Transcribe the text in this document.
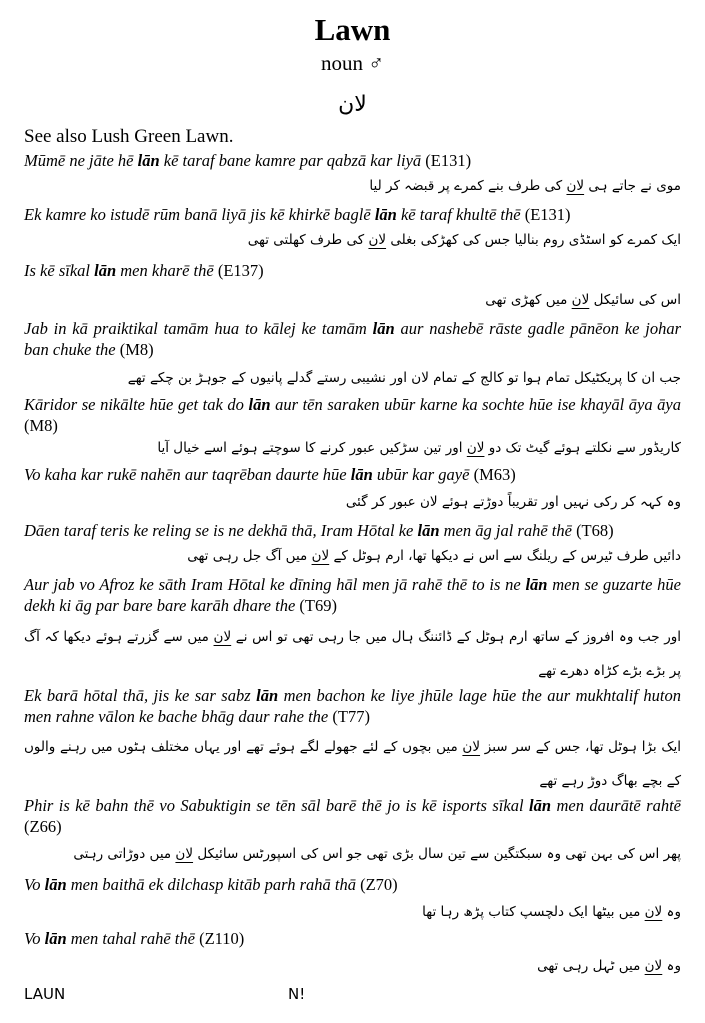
Lawn
noun ♂
لان
See also Lush Green Lawn.
Mūmē ne jāte hē lān kē taraf bane kamre par qabzā kar liyā (E131)
موی نے جاتے ہی لان کی طرف بنے کمرے پر قبضہ کر لیا
Ek kamre ko istudē rūm banā liyā jis kē khirkē baglē lān kē taraf khultē thē (E131)
ایک کمرے کو اسٹڈی روم بنالیا جس کی کھڑکی بغلی لان کی طرف کھلتی تھی
Is kē sīkal lān men kharē thē (E137)
اس کی سائیکل لان میں کھڑی تھی
Jab in kā praiktikal tamām hua to kālej ke tamām lān aur nashebē rāste gadle pānēon ke johar ban chuke the (M8)
جب ان کا پریکٹیکل تمام ہوا تو کالج کے تمام لان اور نشیبی رستے گدلے پانیوں کے جوہڑ بن چکے تھے
Kāridor se nikālte hūe get tak do lān aur tēn saraken ubūr karne ka sochte hūe ise khayāl āya āya (M8)
کاریڈور سے نکلتے ہوئے گیٹ تک دو لان اور تین سڑکیں عبور کرنے کا سوچتے ہوئے اسے خیال آیا
Vo kaha kar rukē nahēn aur taqrēban daurte hūe lān ubūr kar gayē (M63)
وہ کہہ کر رکی نہیں اور تقریباً دوڑتے ہوئے لان عبور کر گئی
Dāen taraf teris ke reling se is ne dekhā thā, Iram Hōtal ke lān men āg jal rahē thē (T68)
دائیں طرف ٹیرس کے ریلنگ سے اس نے دیکھا تھا، ارم ہوٹل کے لان میں آگ جل رہی تھی
Aur jab vo Afroz ke sāth Iram Hōtal ke dīning hāl men jā rahē thē to is ne lān men se guzarte hūe dekh ki āg par bare bare karāh dhare the (T69)
اور جب وہ افروز کے ساتھ ارم ہوٹل کے ڈائننگ ہال میں جا رہی تھی تو اس نے لان میں سے گزرتے ہوئے دیکھا کہ آگ پر بڑے بڑے کڑاہ دھرے تھے
Ek barā hōtal thā, jis ke sar sabz lān men bachon ke liye jhūle lage hūe the aur mukhtalif huton men rahne vālon ke bache bhāg daur rahe the (T77)
ایک بڑا ہوٹل تھا، جس کے سر سبز لان میں بچوں کے لئے جھولے لگے ہوئے تھے اور یہاں مختلف ہٹوں میں رہنے والوں کے بچے بھاگ دوڑ رہے تھے
Phir is kē bahn thē vo Sabuktigin se tēn sāl barē thē jo is kē isports sīkal lān men daurātē rahtē (Z66)
پھر اس کی بہن تھی وہ سبکتگین سے تین سال بڑی تھی جو اس کی اسپورٹس سائیکل لان میں دوڑاتی رہتی
Vo lān men baithā ek dilchasp kitāb parh rahā thā (Z70)
وہ لان میں بیٹھا ایک دلچسپ کتاب پڑھ رہا تھا
Vo lān men tahal rahē thē (Z110)
وہ لان میں ٹہل رہی تھی
LAUN	N!
